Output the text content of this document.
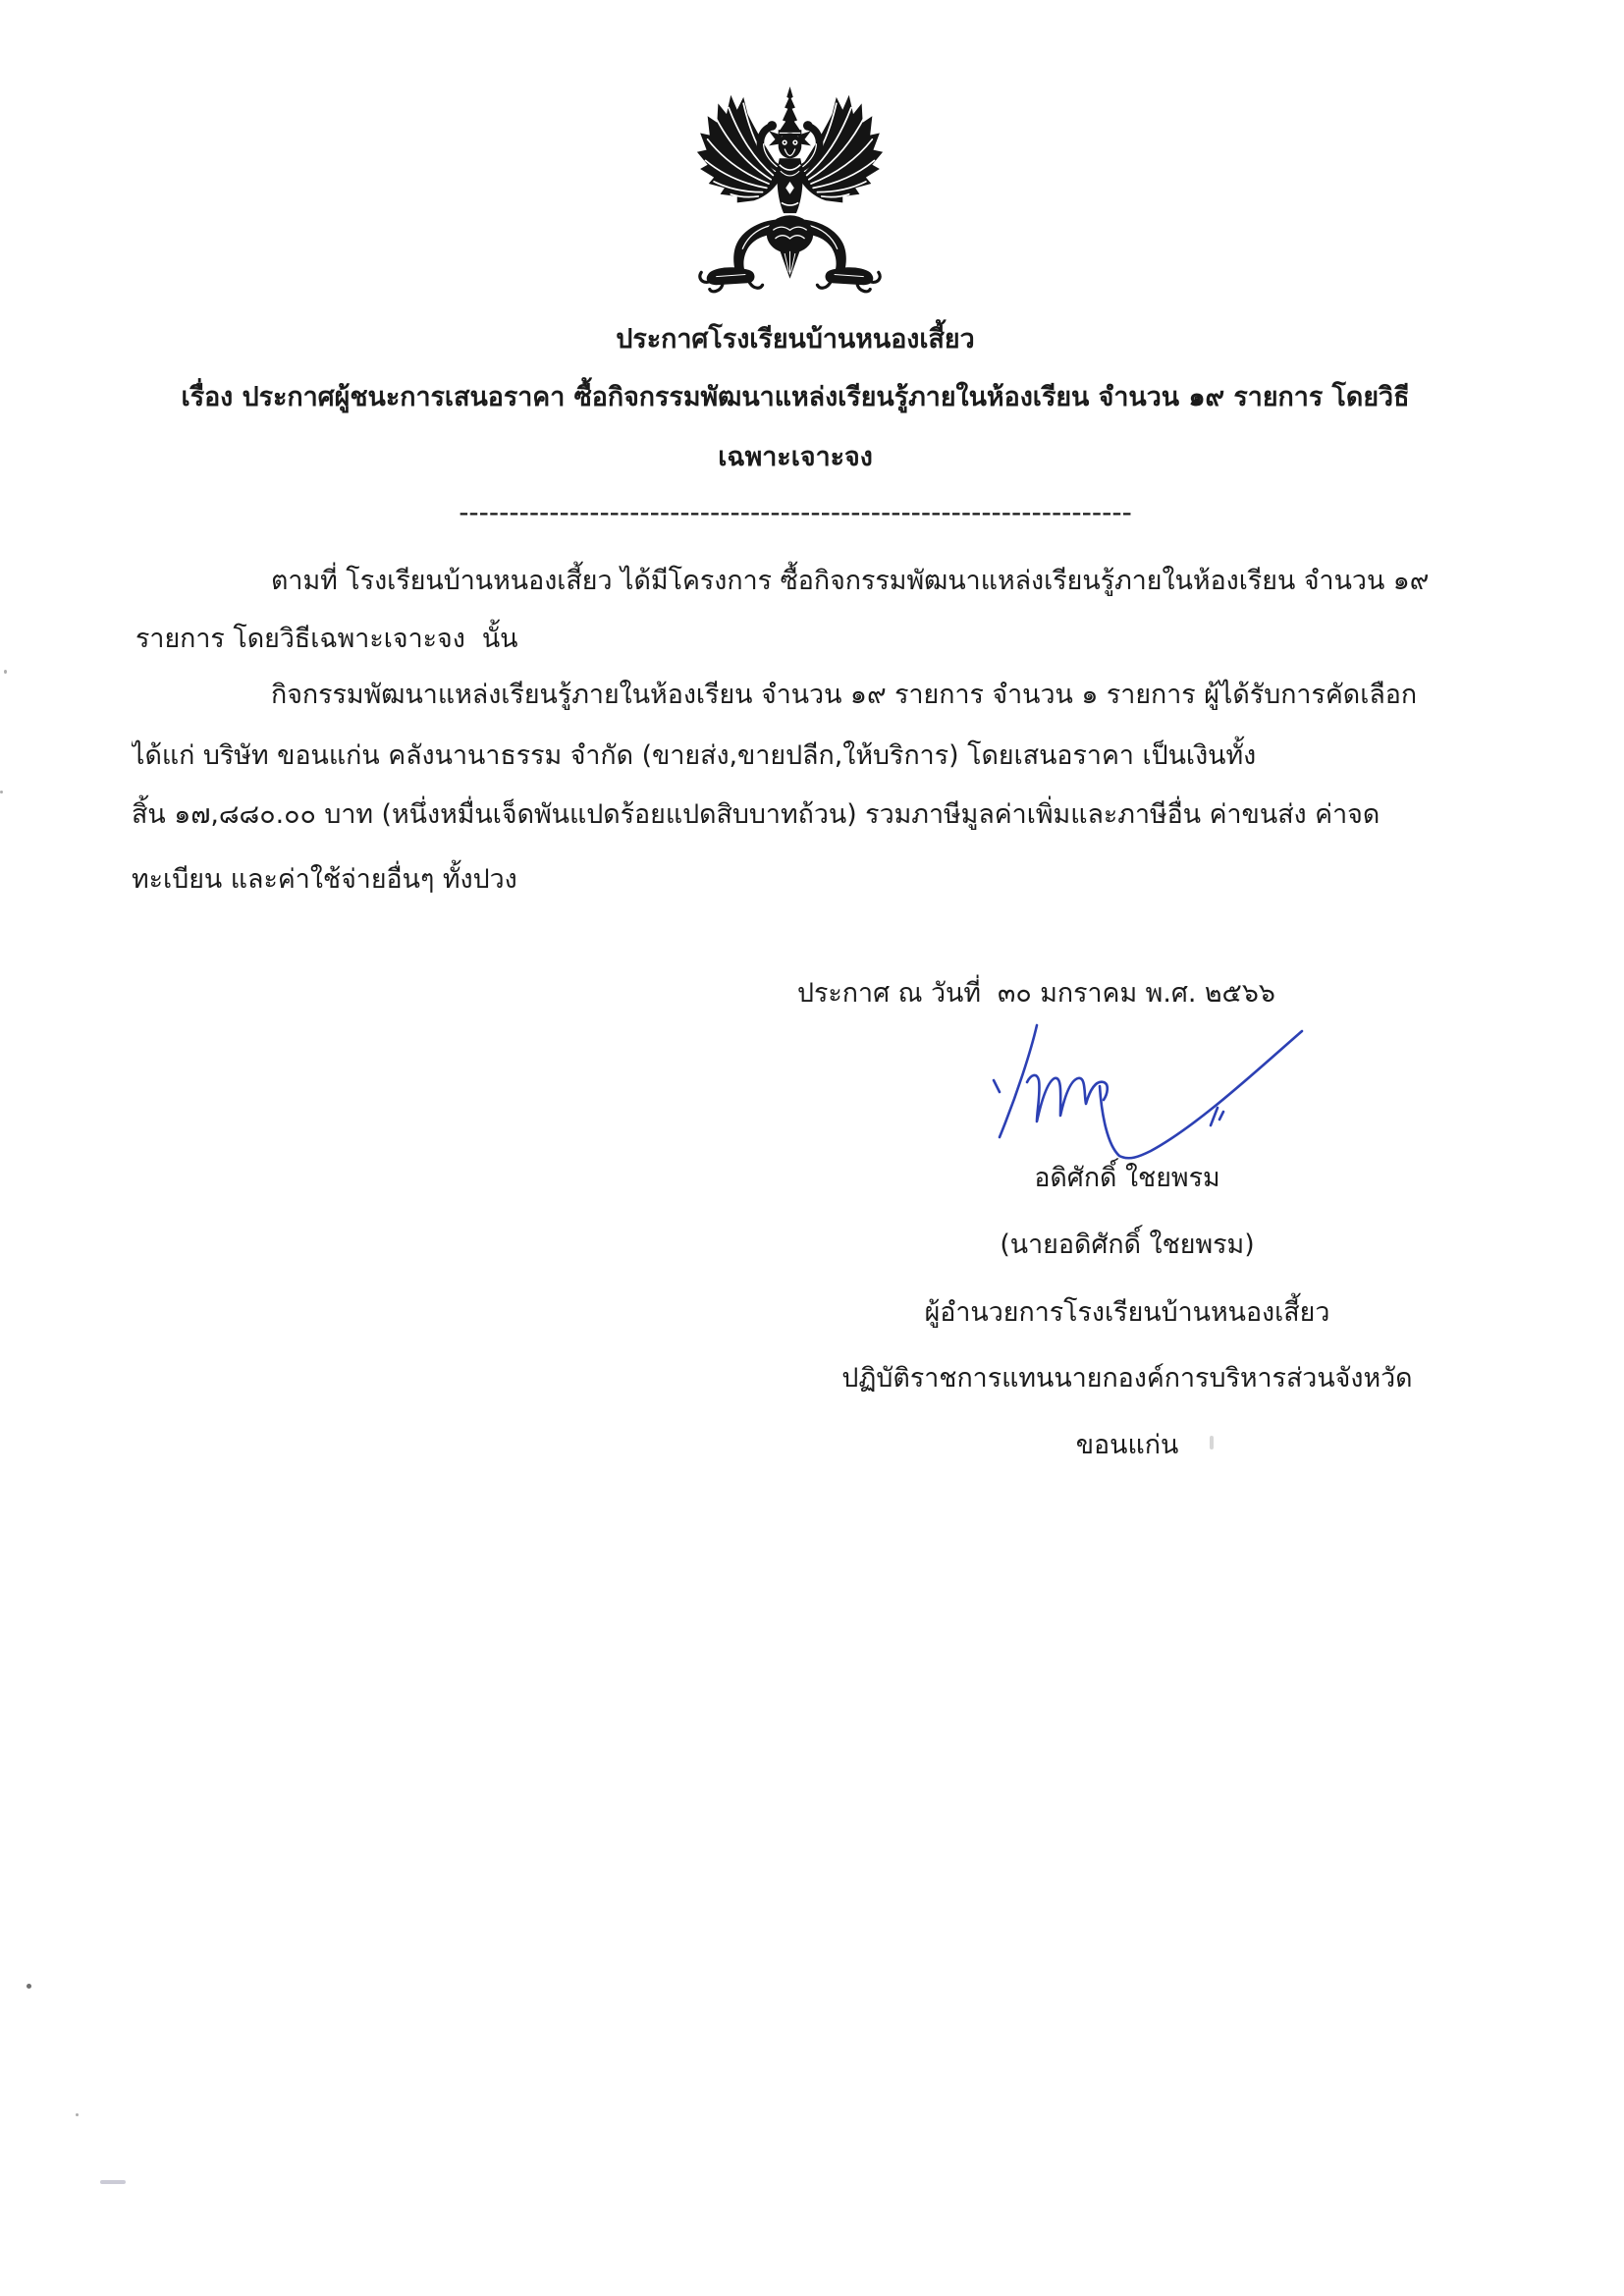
ประกาศโรงเรียนบ้านหนองเสี้ยว
เรื่อง ประกาศผู้ชนะการเสนอราคา ซื้อกิจกรรมพัฒนาแหล่งเรียนรู้ภายในห้องเรียน จำนวน ๑๙ รายการ โดยวิธี
เฉพาะเจาะจง
-------------------------------------------------------------------
ตามที่ โรงเรียนบ้านหนองเสี้ยว ได้มีโครงการ ซื้อกิจกรรมพัฒนาแหล่งเรียนรู้ภายในห้องเรียน จำนวน ๑๙
รายการ โดยวิธีเฉพาะเจาะจง  นั้น
กิจกรรมพัฒนาแหล่งเรียนรู้ภายในห้องเรียน จำนวน ๑๙ รายการ จำนวน ๑ รายการ ผู้ได้รับการคัดเลือก
ได้แก่ บริษัท ขอนแก่น คลังนานาธรรม จำกัด (ขายส่ง,ขายปลีก,ให้บริการ) โดยเสนอราคา เป็นเงินทั้ง
สิ้น ๑๗,๘๘๐.๐๐ บาท (หนึ่งหมื่นเจ็ดพันแปดร้อยแปดสิบบาทถ้วน) รวมภาษีมูลค่าเพิ่มและภาษีอื่น ค่าขนส่ง ค่าจด
ทะเบียน และค่าใช้จ่ายอื่นๆ ทั้งปวง
ประกาศ ณ วันที่  ๓๐ มกราคม พ.ศ. ๒๕๖๖
อดิศักดิ์ ใชยพรม
(นายอดิศักดิ์ ใชยพรม)
ผู้อำนวยการโรงเรียนบ้านหนองเสี้ยว
ปฏิบัติราชการแทนนายกองค์การบริหารส่วนจังหวัด
ขอนแก่น
